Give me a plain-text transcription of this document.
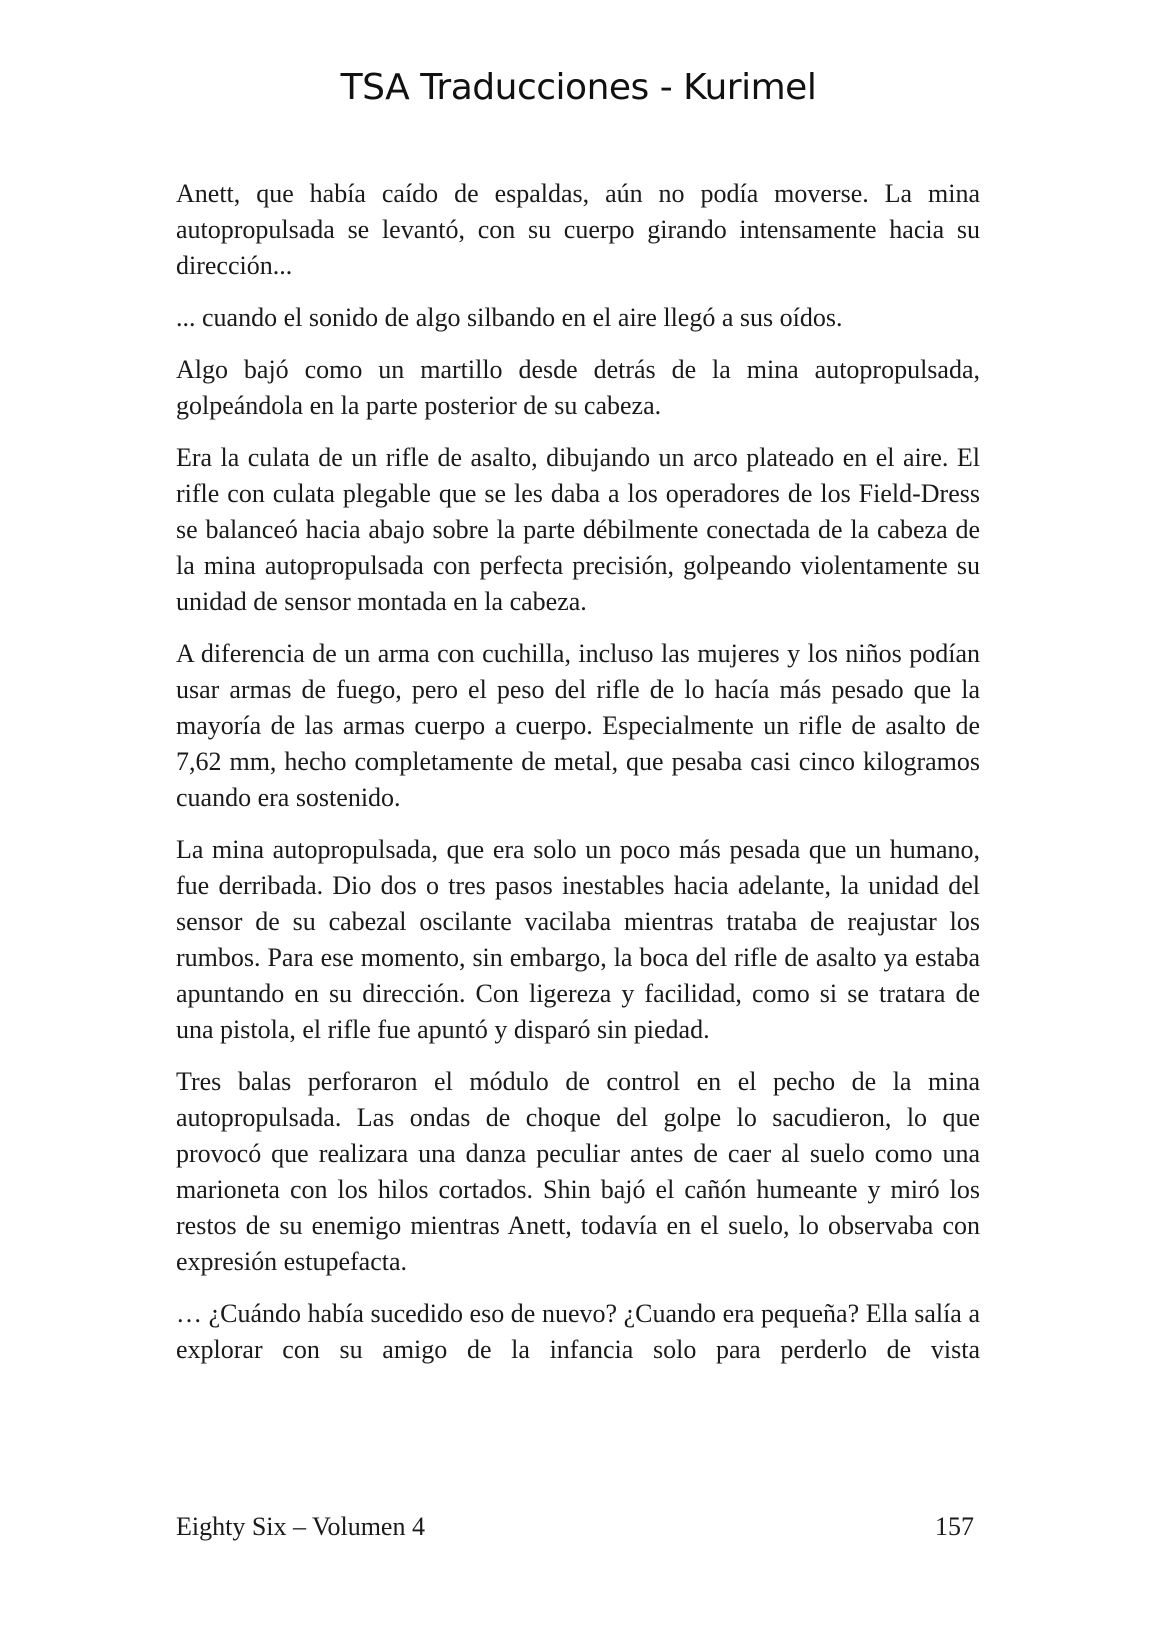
TSA Traducciones - Kurimel

Anett, que había caído de espaldas, aún no podía moverse. La mina autopropulsada se levantó, con su cuerpo girando intensamente hacia su dirección...

... cuando el sonido de algo silbando en el aire llegó a sus oídos.

Algo bajó como un martillo desde detrás de la mina autopropulsada, golpeándola en la parte posterior de su cabeza.

Era la culata de un rifle de asalto, dibujando un arco plateado en el aire. El rifle con culata plegable que se les daba a los operadores de los Field-Dress se balanceó hacia abajo sobre la parte débilmente conectada de la cabeza de la mina autopropulsada con perfecta precisión, golpeando violentamente su unidad de sensor montada en la cabeza.

A diferencia de un arma con cuchilla, incluso las mujeres y los niños podían usar armas de fuego, pero el peso del rifle de lo hacía más pesado que la mayoría de las armas cuerpo a cuerpo. Especialmente un rifle de asalto de 7,62 mm, hecho completamente de metal, que pesaba casi cinco kilogramos cuando era sostenido.

La mina autopropulsada, que era solo un poco más pesada que un humano, fue derribada. Dio dos o tres pasos inestables hacia adelante, la unidad del sensor de su cabezal oscilante vacilaba mientras trataba de reajustar los rumbos. Para ese momento, sin embargo, la boca del rifle de asalto ya estaba apuntando en su dirección. Con ligereza y facilidad, como si se tratara de una pistola, el rifle fue apuntó y disparó sin piedad.

Tres balas perforaron el módulo de control en el pecho de la mina autopropulsada. Las ondas de choque del golpe lo sacudieron, lo que provocó que realizara una danza peculiar antes de caer al suelo como una marioneta con los hilos cortados. Shin bajó el cañón humeante y miró los restos de su enemigo mientras Anett, todavía en el suelo, lo observaba con expresión estupefacta.

… ¿Cuándo había sucedido eso de nuevo? ¿Cuando era pequeña? Ella salía a explorar con su amigo de la infancia solo para perderlo de vista

Eighty Six – Volumen 4	157
